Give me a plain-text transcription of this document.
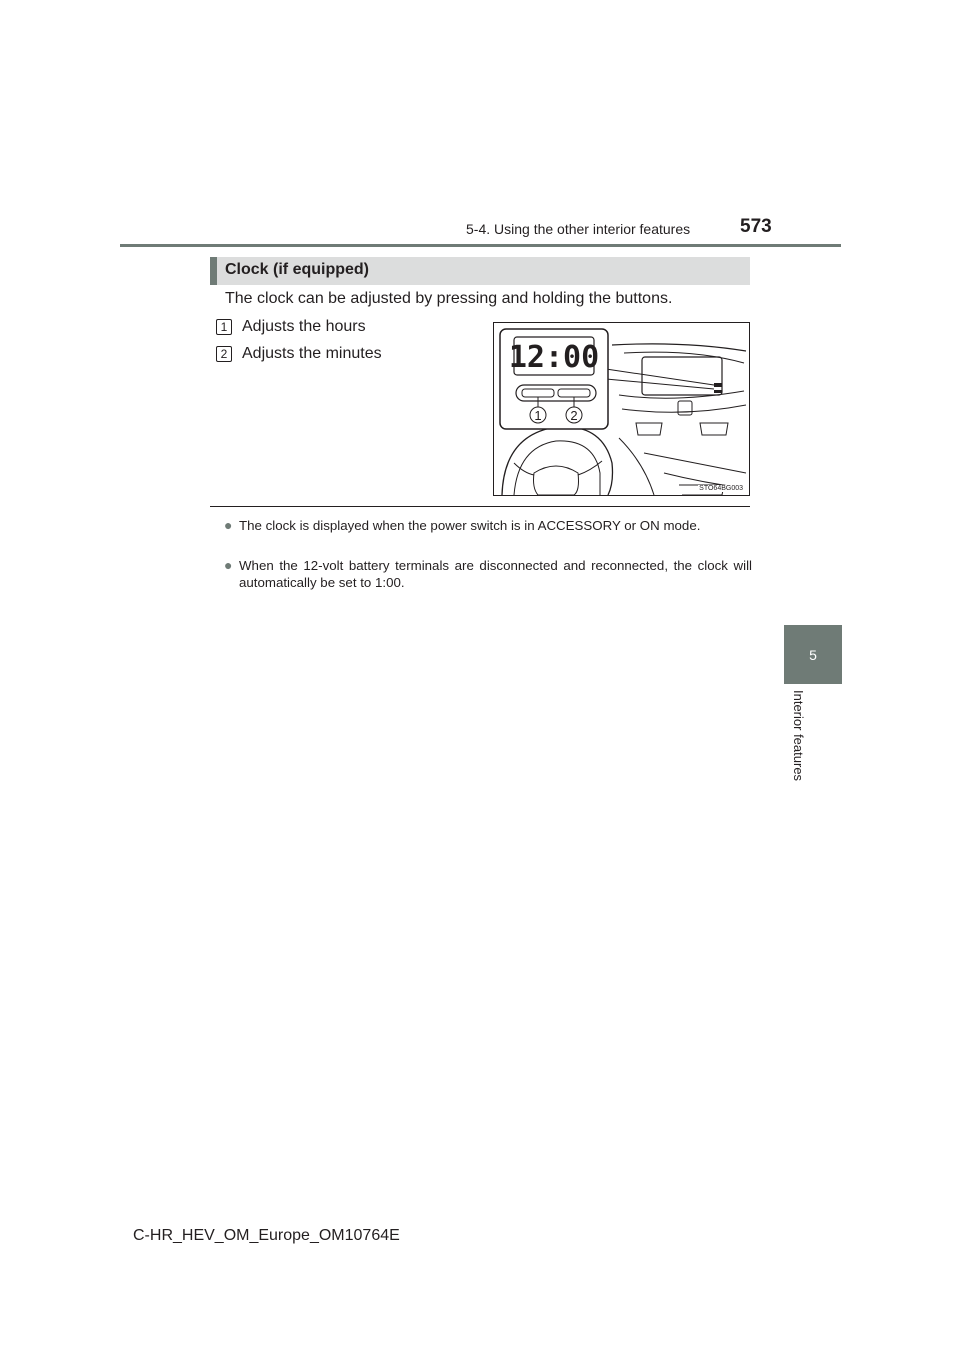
5-4. Using the other interior features	573
5
Interior features
Clock (if equipped)
The clock can be adjusted by pressing and holding the buttons.
1 Adjusts the hours
2 Adjusts the minutes	12:00
1 2
STO64BG003
● The clock is displayed when the power switch is in ACCESSORY or ON mode.
● When the 12-volt battery terminals are disconnected and reconnected, the clock will automatically be set to 1:00.
C-HR_HEV_OM_Europe_OM10764E
